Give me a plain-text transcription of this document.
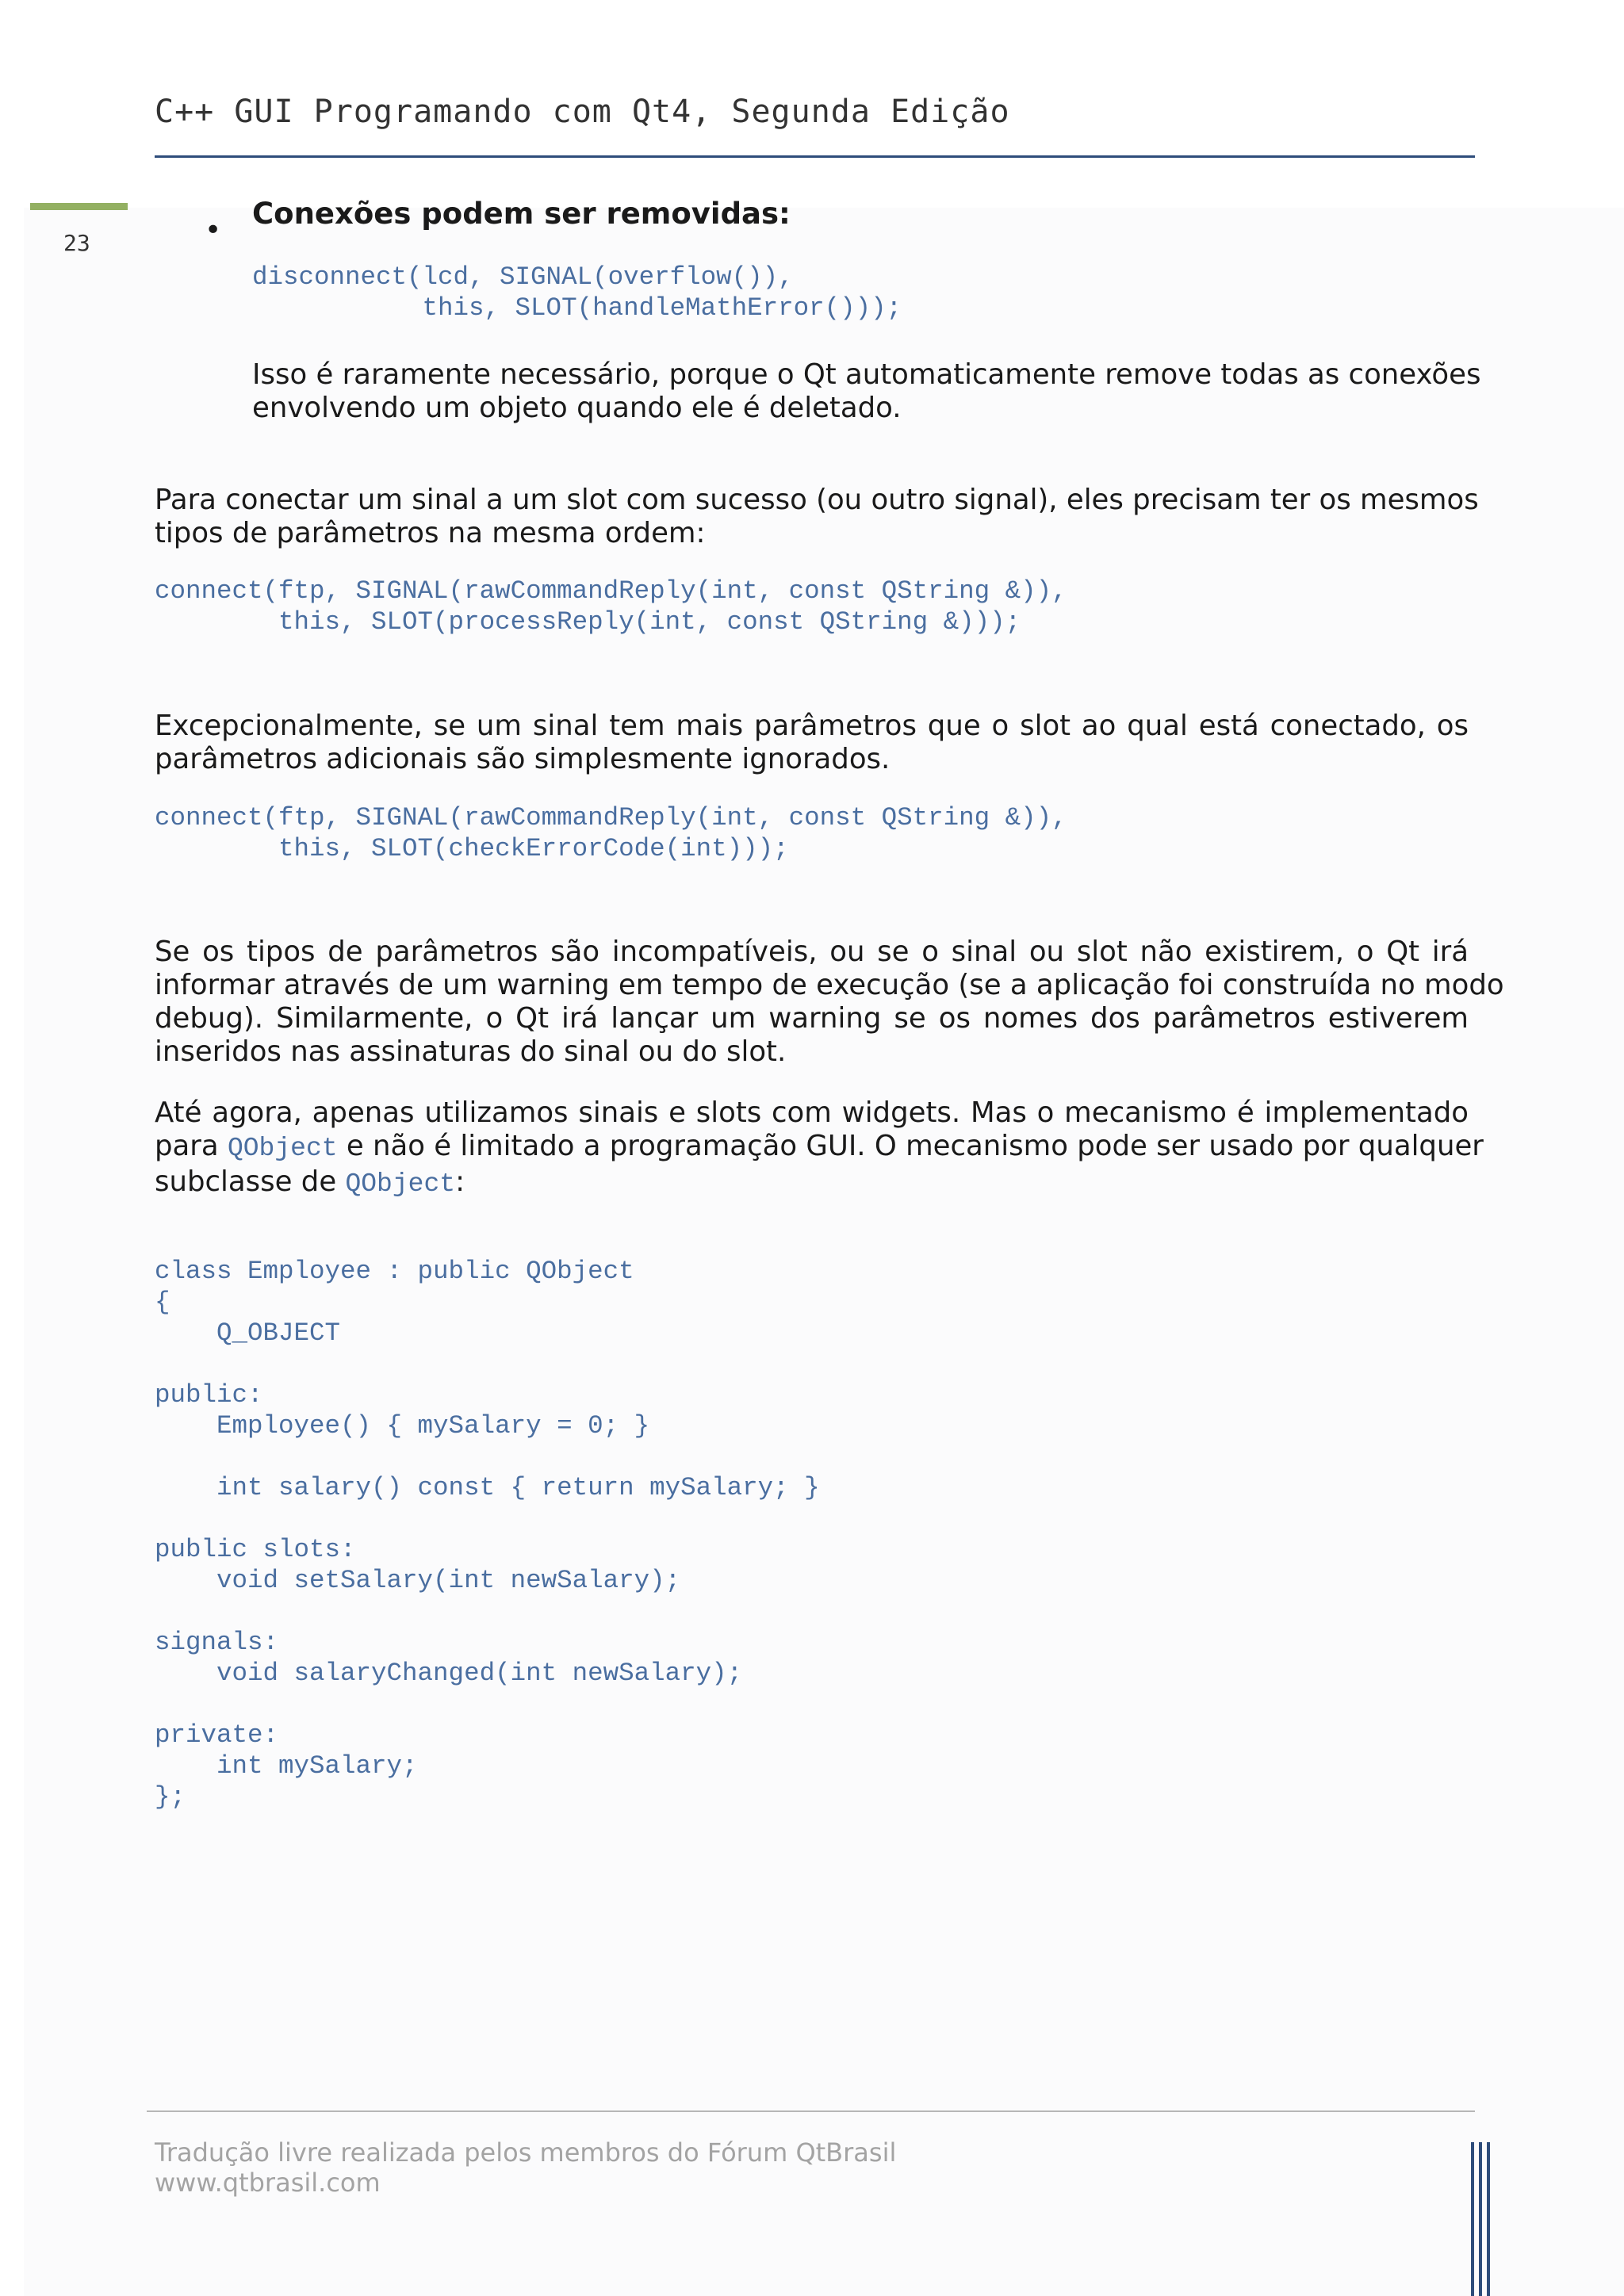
C++ GUI Programando com Qt4, Segunda Edição
23	• Conexões podem ser removidas:
disconnect(lcd, SIGNAL(overflow()),
this, SLOT(handleMathError()));
Isso é raramente necessário, porque o Qt automaticamente remove todas as conexões
envolvendo um objeto quando ele é deletado.
Para conectar um sinal a um slot com sucesso (ou outro signal), eles precisam ter os mesmos
tipos de parâmetros na mesma ordem:
connect(ftp, SIGNAL(rawCommandReply(int, const QString &)),
this, SLOT(processReply(int, const QString &)));
Excepcionalmente, se um sinal tem mais parâmetros que o slot ao qual está conectado, os
parâmetros adicionais são simplesmente ignorados.
connect(ftp, SIGNAL(rawCommandReply(int, const QString &)),
this, SLOT(checkErrorCode(int)));
Se os tipos de parâmetros são incompatíveis, ou se o sinal ou slot não existirem, o Qt irá
informar através de um warning em tempo de execução (se a aplicação foi construída no modo
debug). Similarmente, o Qt irá lançar um warning se os nomes dos parâmetros estiverem
inseridos nas assinaturas do sinal ou do slot.
Até agora, apenas utilizamos sinais e slots com widgets. Mas o mecanismo é implementado
para QObject e não é limitado a programação GUI. O mecanismo pode ser usado por qualquer
subclasse de QObject:
class Employee : public QObject
{
Q_OBJECT
public:
Employee() { mySalary = 0; }
int salary() const { return mySalary; }
public slots:
void setSalary(int newSalary);
signals:
void salaryChanged(int newSalary);
private:
int mySalary;
};
Tradução livre realizada pelos membros do Fórum QtBrasil
www.qtbrasil.com
